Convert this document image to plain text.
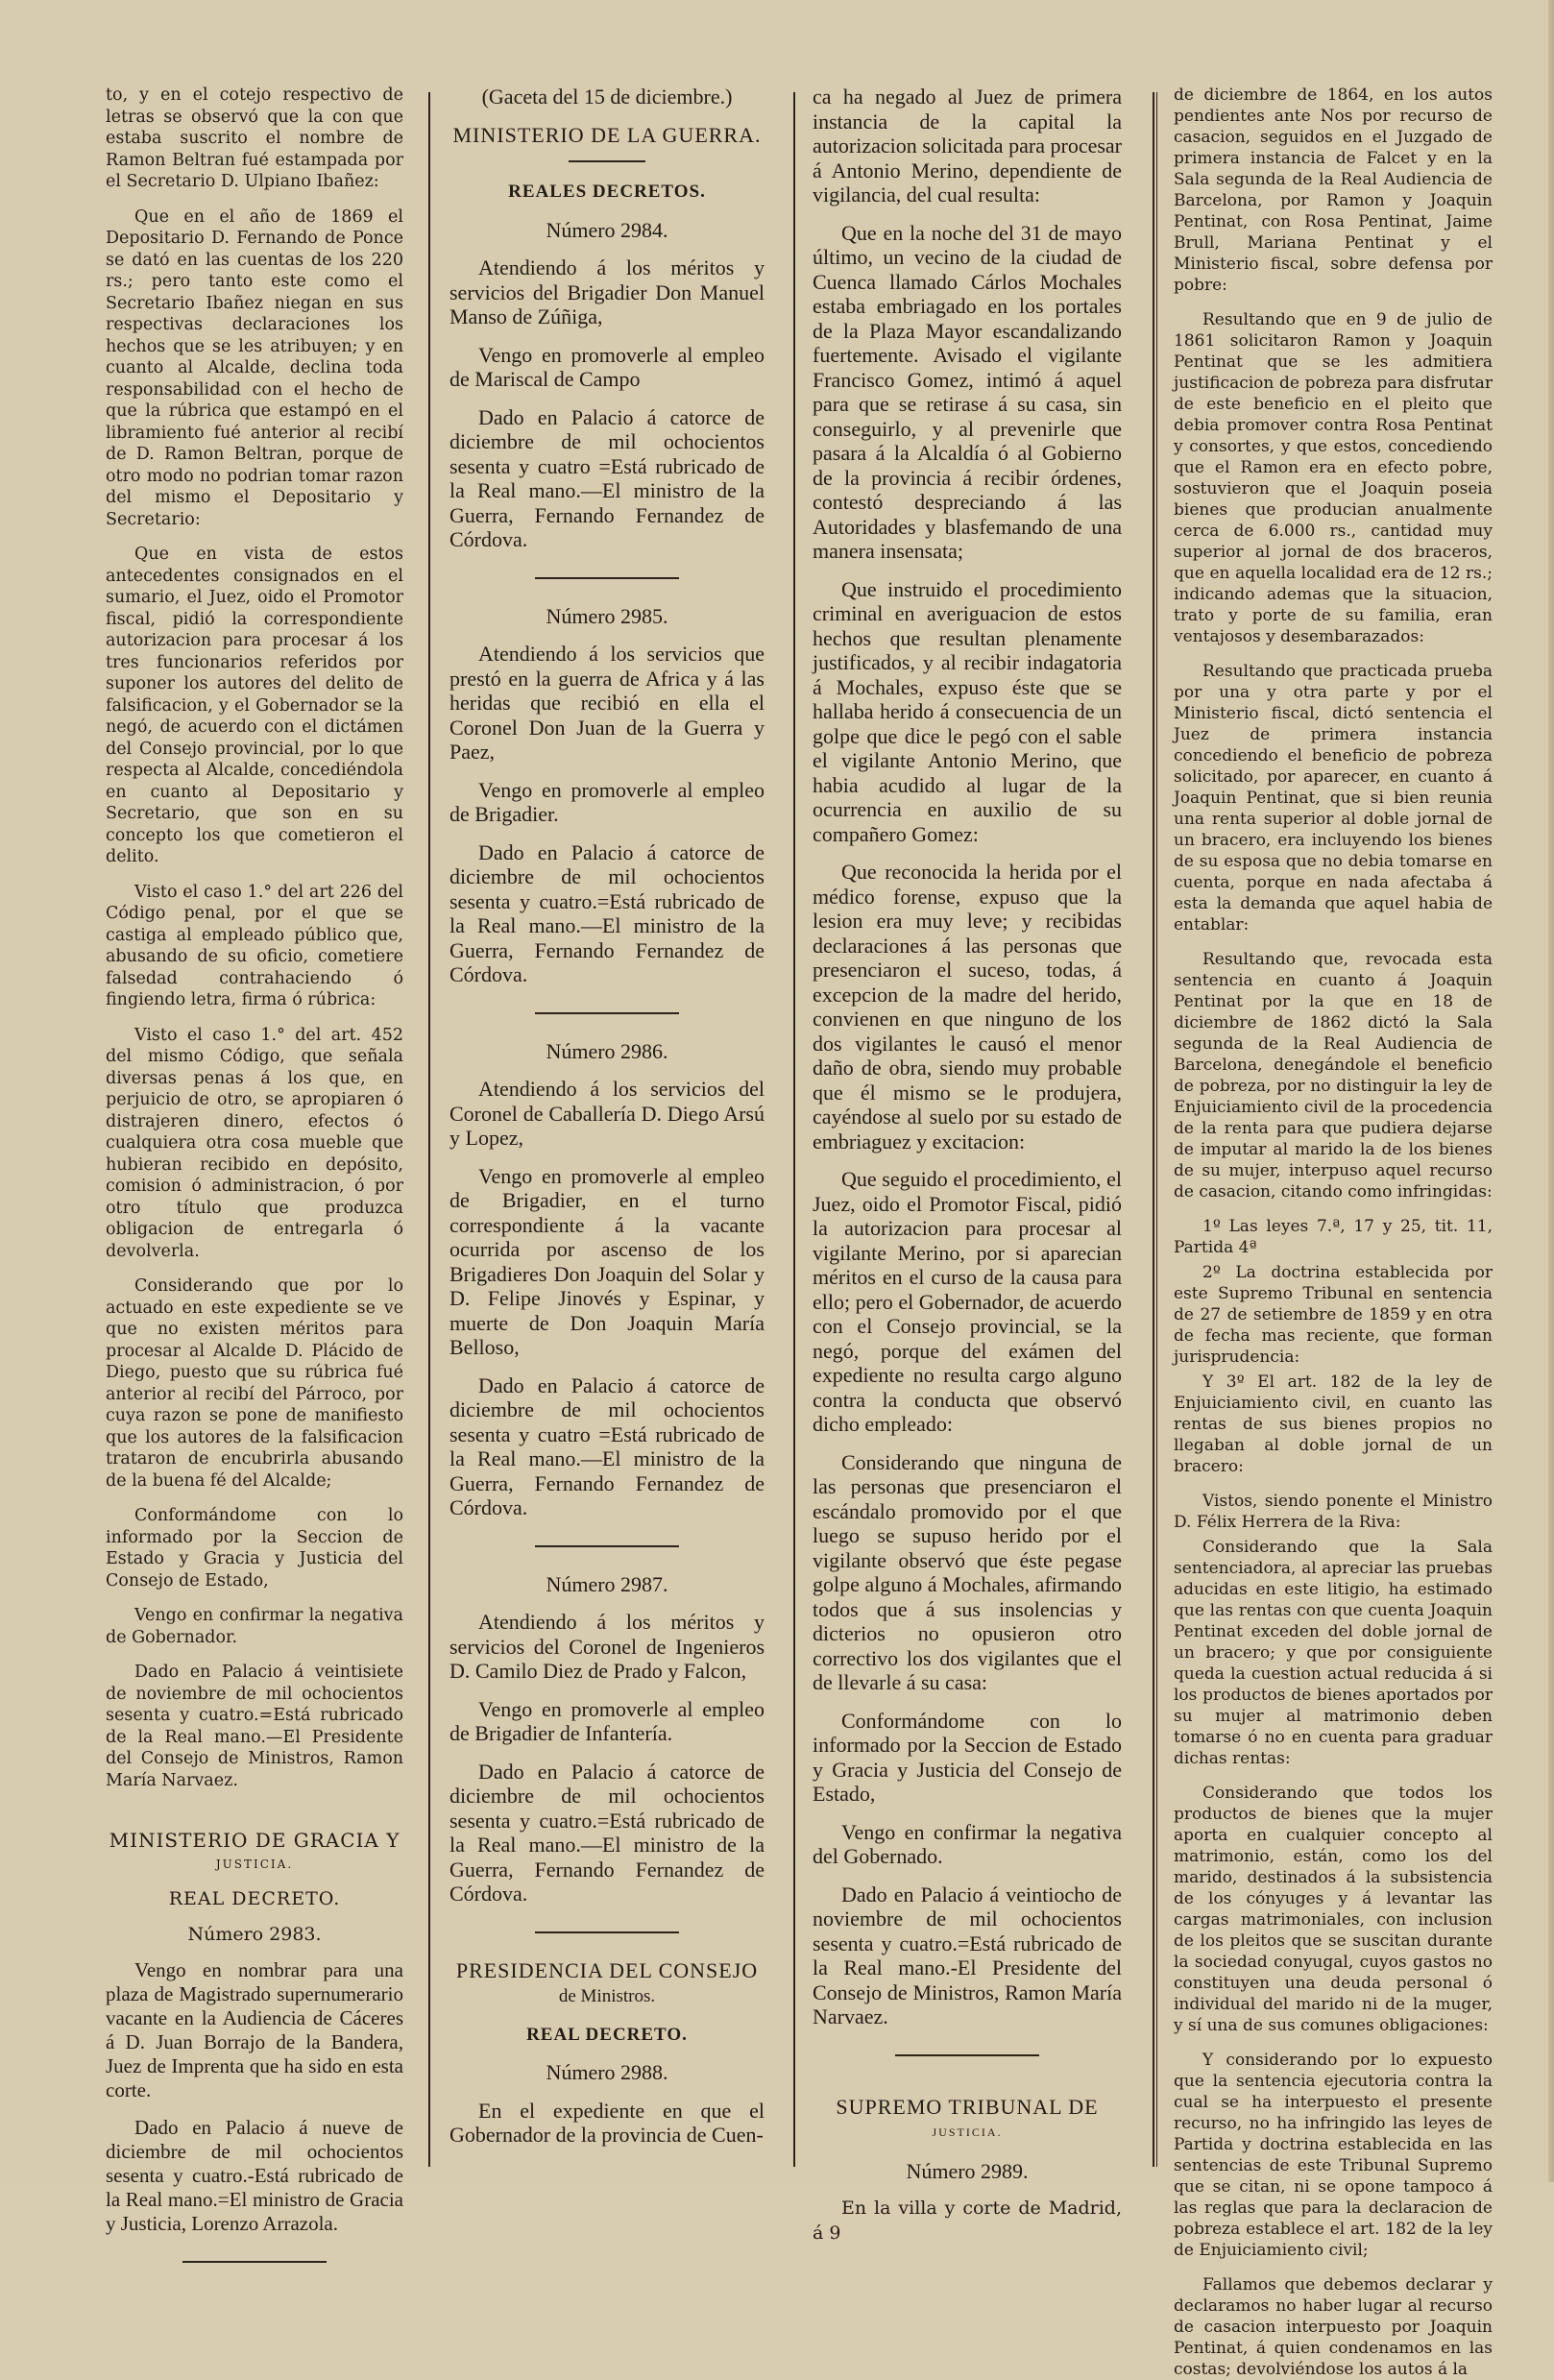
to, y en el cotejo respectivo de letras se observó que la con que estaba suscrito el nombre de Ramon Beltran fué estampada por el Secretario D. Ulpiano Ibañez:

Que en el año de 1869 el Depositario D. Fernando de Ponce se dató en las cuentas de los 220 rs.; pero tanto este como el Secretario Ibañez niegan en sus respectivas declaraciones los hechos que se les atribuyen; y en cuanto al Alcalde, declina toda responsabilidad con el hecho de que la rúbrica que estampó en el libramiento fué anterior al recibí de D. Ramon Beltran, porque de otro modo no podrian tomar razon del mismo el Depositario y Secretario:

Que en vista de estos antecedentes consignados en el sumario, el Juez, oido el Promotor fiscal, pidió la correspondiente autorizacion para procesar á los tres funcionarios referidos por suponer los autores del delito de falsificacion, y el Gobernador se la negó, de acuerdo con el dictámen del Consejo provincial, por lo que respecta al Alcalde, concediéndola en cuanto al Depositario y Secretario, que son en su concepto los que cometieron el delito.

Visto el caso 1.° del art 226 del Código penal, por el que se castiga al empleado público que, abusando de su oficio, cometiere falsedad contrahaciendo ó fingiendo letra, firma ó rúbrica:

Visto el caso 1.° del art. 452 del mismo Código, que señala diversas penas á los que, en perjuicio de otro, se apropiaren ó distrajeren dinero, efectos ó cualquiera otra cosa mueble que hubieran recibido en depósito, comision ó administracion, ó por otro título que produzca obligacion de entregarla ó devolverla.

Considerando que por lo actuado en este expediente se ve que no existen méritos para procesar al Alcalde D. Plácido de Diego, puesto que su rúbrica fué anterior al recibí del Párroco, por cuya razon se pone de manifiesto que los autores de la falsificacion trataron de encubrirla abusando de la buena fé del Alcalde;

Conformándome con lo informado por la Seccion de Estado y Gracia y Justicia del Consejo de Estado,

Vengo en confirmar la negativa de Gobernador.

Dado en Palacio á veintisiete de noviembre de mil ochocientos sesenta y cuatro.=Está rubricado de la Real mano.—El Presidente del Consejo de Ministros, Ramon María Narvaez.

MINISTERIO DE GRACIA Y
JUSTICIA.
REAL DECRETO.
Número 2983.

Vengo en nombrar para una plaza de Magistrado supernumerario vacante en la Audiencia de Cáceres á D. Juan Borrajo de la Bandera, Juez de Imprenta que ha sido en esta corte.

Dado en Palacio á nueve de diciembre de mil ochocientos sesenta y cuatro.-Está rubricado de la Real mano.=El ministro de Gracia y Justicia, Lorenzo Arrazola.

(Gaceta del 15 de diciembre.)
MINISTERIO DE LA GUERRA.
REALES DECRETOS.
Número 2984.

Atendiendo á los méritos y servicios del Brigadier Don Manuel Manso de Zúñiga,

Vengo en promoverle al empleo de Mariscal de Campo

Dado en Palacio á catorce de diciembre de mil ochocientos sesenta y cuatro =Está rubricado de la Real mano.—El ministro de la Guerra, Fernando Fernandez de Córdova.

Número 2985.

Atendiendo á los servicios que prestó en la guerra de Africa y á las heridas que recibió en ella el Coronel Don Juan de la Guerra y Paez,

Vengo en promoverle al empleo de Brigadier.

Dado en Palacio á catorce de diciembre de mil ochocientos sesenta y cuatro.=Está rubricado de la Real mano.—El ministro de la Guerra, Fernando Fernandez de Córdova.

Número 2986.

Atendiendo á los servicios del Coronel de Caballería D. Diego Arsú y Lopez,

Vengo en promoverle al empleo de Brigadier, en el turno correspondiente á la vacante ocurrida por ascenso de los Brigadieres Don Joaquin del Solar y D. Felipe Jinovés y Espinar, y muerte de Don Joaquin María Belloso,

Dado en Palacio á catorce de diciembre de mil ochocientos sesenta y cuatro =Está rubricado de la Real mano.—El ministro de la Guerra, Fernando Fernandez de Córdova.

Número 2987.

Atendiendo á los méritos y servicios del Coronel de Ingenieros D. Camilo Diez de Prado y Falcon,

Vengo en promoverle al empleo de Brigadier de Infantería.

Dado en Palacio á catorce de diciembre de mil ochocientos sesenta y cuatro.=Está rubricado de la Real mano.—El ministro de la Guerra, Fernando Fernandez de Córdova.

PRESIDENCIA DEL CONSEJO
de Ministros.
REAL DECRETO.
Número 2988.

En el expediente en que el Gobernador de la provincia de Cuen-

ca ha negado al Juez de primera instancia de la capital la autorizacion solicitada para procesar á Antonio Merino, dependiente de vigilancia, del cual resulta:

Que en la noche del 31 de mayo último, un vecino de la ciudad de Cuenca llamado Cárlos Mochales estaba embriagado en los portales de la Plaza Mayor escandalizando fuertemente. Avisado el vigilante Francisco Gomez, intimó á aquel para que se retirase á su casa, sin conseguirlo, y al prevenirle que pasara á la Alcaldía ó al Gobierno de la provincia á recibir órdenes, contestó despreciando á las Autoridades y blasfemando de una manera insensata;

Que instruido el procedimiento criminal en averiguacion de estos hechos que resultan plenamente justificados, y al recibir indagatoria á Mochales, expuso éste que se hallaba herido á consecuencia de un golpe que dice le pegó con el sable el vigilante Antonio Merino, que habia acudido al lugar de la ocurrencia en auxilio de su compañero Gomez:

Que reconocida la herida por el médico forense, expuso que la lesion era muy leve; y recibidas declaraciones á las personas que presenciaron el suceso, todas, á excepcion de la madre del herido, convienen en que ninguno de los dos vigilantes le causó el menor daño de obra, siendo muy probable que él mismo se le produjera, cayéndose al suelo por su estado de embriaguez y excitacion:

Que seguido el procedimiento, el Juez, oido el Promotor Fiscal, pidió la autorizacion para procesar al vigilante Merino, por si aparecian méritos en el curso de la causa para ello; pero el Gobernador, de acuerdo con el Consejo provincial, se la negó, porque del exámen del expediente no resulta cargo alguno contra la conducta que observó dicho empleado:

Considerando que ninguna de las personas que presenciaron el escándalo promovido por el que luego se supuso herido por el vigilante observó que éste pegase golpe alguno á Mochales, afirmando todos que á sus insolencias y dicterios no opusieron otro correctivo los dos vigilantes que el de llevarle á su casa:

Conformándome con lo informado por la Seccion de Estado y Gracia y Justicia del Consejo de Estado,

Vengo en confirmar la negativa del Gobernado.

Dado en Palacio á veintiocho de noviembre de mil ochocientos sesenta y cuatro.=Está rubricado de la Real mano.-El Presidente del Consejo de Ministros, Ramon María Narvaez.

SUPREMO TRIBUNAL DE
JUSTICIA.
Número 2989.

En la villa y corte de Madrid, á 9

de diciembre de 1864, en los autos pendientes ante Nos por recurso de casacion, seguidos en el Juzgado de primera instancia de Falcet y en la Sala segunda de la Real Audiencia de Barcelona, por Ramon y Joaquin Pentinat, con Rosa Pentinat, Jaime Brull, Mariana Pentinat y el Ministerio fiscal, sobre defensa por pobre:

Resultando que en 9 de julio de 1861 solicitaron Ramon y Joaquin Pentinat que se les admitiera justificacion de pobreza para disfrutar de este beneficio en el pleito que debia promover contra Rosa Pentinat y consortes, y que estos, concediendo que el Ramon era en efecto pobre, sostuvieron que el Joaquin poseia bienes que producian anualmente cerca de 6.000 rs., cantidad muy superior al jornal de dos braceros, que en aquella localidad era de 12 rs.; indicando ademas que la situacion, trato y porte de su familia, eran ventajosos y desembarazados:

Resultando que practicada prueba por una y otra parte y por el Ministerio fiscal, dictó sentencia el Juez de primera instancia concediendo el beneficio de pobreza solicitado, por aparecer, en cuanto á Joaquin Pentinat, que si bien reunia una renta superior al doble jornal de un bracero, era incluyendo los bienes de su esposa que no debia tomarse en cuenta, porque en nada afectaba á esta la demanda que aquel habia de entablar:

Resultando que, revocada esta sentencia en cuanto á Joaquin Pentinat por la que en 18 de diciembre de 1862 dictó la Sala segunda de la Real Audiencia de Barcelona, denegándole el beneficio de pobreza, por no distinguir la ley de Enjuiciamiento civil de la procedencia de la renta para que pudiera dejarse de imputar al marido la de los bienes de su mujer, interpuso aquel recurso de casacion, citando como infringidas:

1º Las leyes 7.ª, 17 y 25, tit. 11, Partida 4ª

2º La doctrina establecida por este Supremo Tribunal en sentencia de 27 de setiembre de 1859 y en otra de fecha mas reciente, que forman jurisprudencia:

Y 3º El art. 182 de la ley de Enjuiciamiento civil, en cuanto las rentas de sus bienes propios no llegaban al doble jornal de un bracero:

Vistos, siendo ponente el Ministro D. Félix Herrera de la Riva:

Considerando que la Sala sentenciadora, al apreciar las pruebas aducidas en este litigio, ha estimado que las rentas con que cuenta Joaquin Pentinat exceden del doble jornal de un bracero; y que por consiguiente queda la cuestion actual reducida á si los productos de bienes aportados por su mujer al matrimonio deben tomarse ó no en cuenta para graduar dichas rentas:

Considerando que todos los productos de bienes que la mujer aporta en cualquier concepto al matrimonio, están, como los del marido, destinados á la subsistencia de los cónyuges y á levantar las cargas matrimoniales, con inclusion de los pleitos que se suscitan durante la sociedad conyugal, cuyos gastos no constituyen una deuda personal ó individual del marido ni de la muger, y sí una de sus comunes obligaciones:

Y considerando por lo expuesto que la sentencia ejecutoria contra la cual se ha interpuesto el presente recurso, no ha infringido las leyes de Partida y doctrina establecida en las sentencias de este Tribunal Supremo que se citan, ni se opone tampoco á las reglas que para la declaracion de pobreza establece el art. 182 de la ley de Enjuiciamiento civil;

Fallamos que debemos declarar y declaramos no haber lugar al recurso de casacion interpuesto por Joaquin Pentinat, á quien condenamos en las costas; devolviéndose los autos á la
